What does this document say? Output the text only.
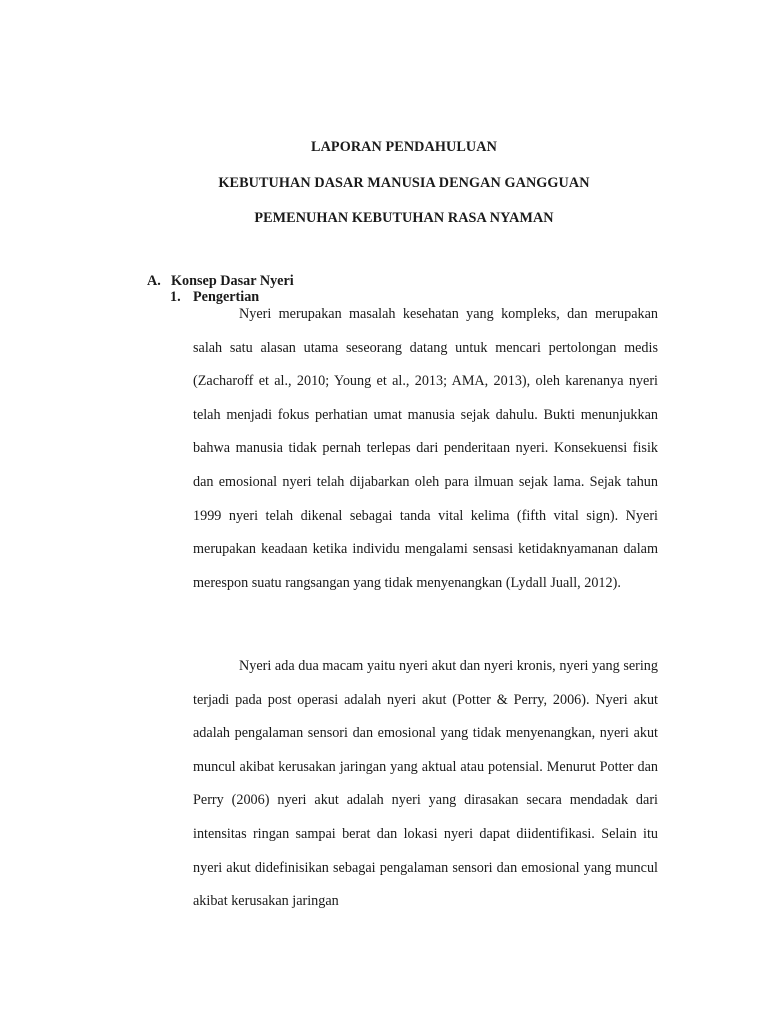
LAPORAN PENDAHULUAN
KEBUTUHAN DASAR MANUSIA DENGAN GANGGUAN
PEMENUHAN KEBUTUHAN RASA NYAMAN
A. Konsep Dasar Nyeri
1. Pengertian

Nyeri merupakan masalah kesehatan yang kompleks, dan merupakan salah satu alasan utama seseorang datang untuk mencari pertolongan medis (Zacharoff et al., 2010; Young et al., 2013; AMA, 2013), oleh karenanya nyeri telah menjadi fokus perhatian umat manusia sejak dahulu. Bukti menunjukkan bahwa manusia tidak pernah terlepas dari penderitaan nyeri. Konsekuensi fisik dan emosional nyeri telah dijabarkan oleh para ilmuan sejak lama. Sejak tahun 1999 nyeri telah dikenal sebagai tanda vital kelima (fifth vital sign). Nyeri merupakan keadaan ketika individu mengalami sensasi ketidaknyamanan dalam merespon suatu rangsangan yang tidak menyenangkan (Lydall Juall, 2012).

Nyeri ada dua macam yaitu nyeri akut dan nyeri kronis, nyeri yang sering terjadi pada post operasi adalah nyeri akut (Potter & Perry, 2006). Nyeri akut adalah pengalaman sensori dan emosional yang tidak menyenangkan, nyeri akut muncul akibat kerusakan jaringan yang aktual atau potensial. Menurut Potter dan Perry (2006) nyeri akut adalah nyeri yang dirasakan secara mendadak dari intensitas ringan sampai berat dan lokasi nyeri dapat diidentifikasi. Selain itu nyeri akut didefinisikan sebagai pengalaman sensori dan emosional yang muncul akibat kerusakan jaringan
